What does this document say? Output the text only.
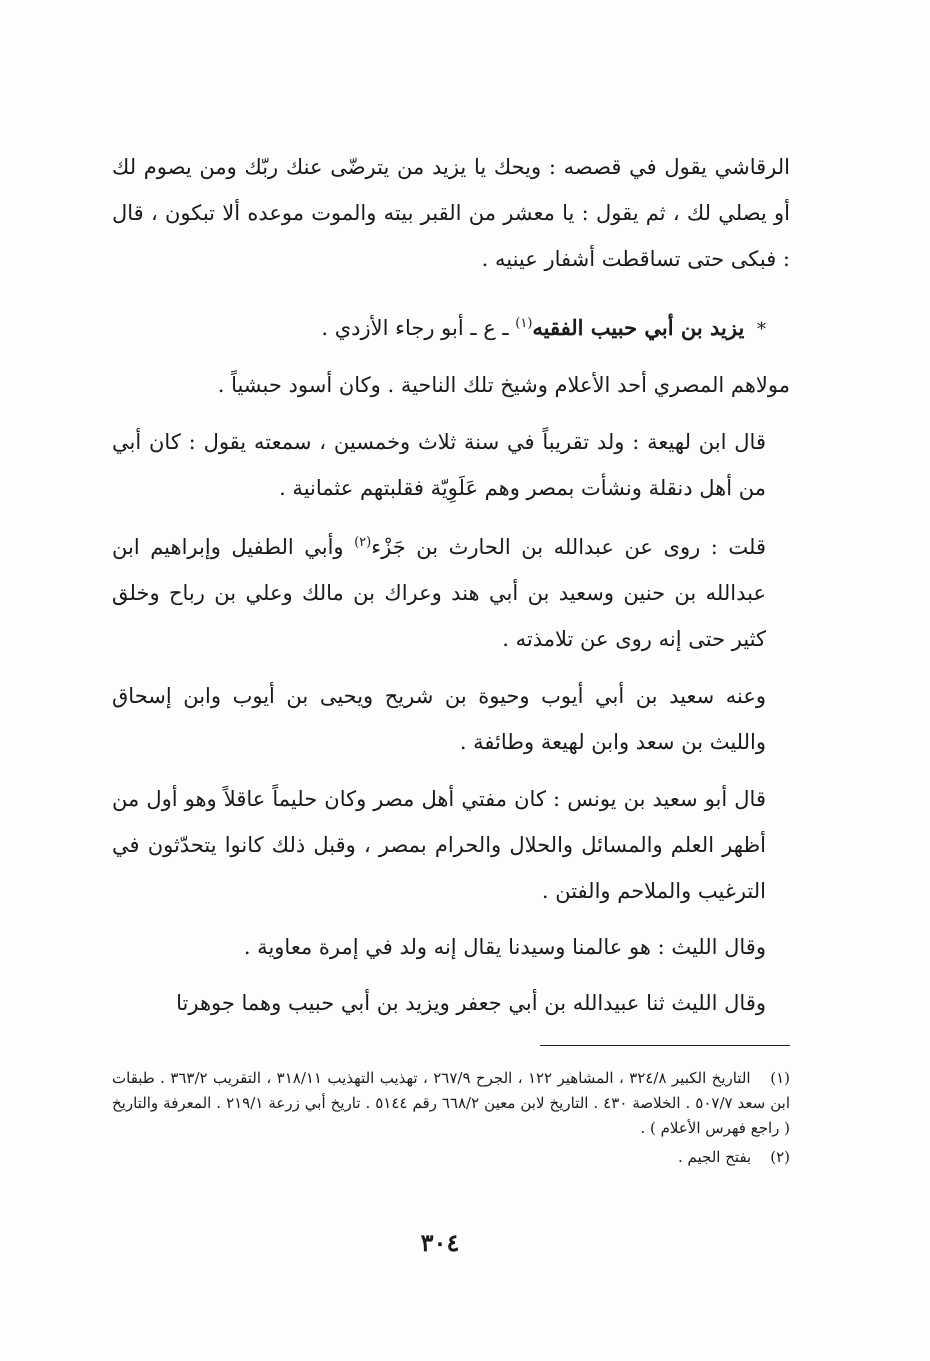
الرقاشي يقول في قصصه : ويحك يا يزيد من يترضّى عنك ربّك ومن يصوم لك أو يصلي لك ، ثم يقول : يا معشر من القبر بيته والموت موعده ألا تبكون ، قال : فبكى حتى تساقطت أشفار عينيه .

* يزيد بن أبي حبيب الفقيه$^{(١)}$ ـ ع ـ أبو رجاء الأزدي .

مولاهم المصري أحد الأعلام وشيخ تلك الناحية . وكان أسود حبشياً .

قال ابن لهيعة : ولد تقريباً في سنة ثلاث وخمسين ، سمعته يقول : كان أبي من أهل دنقلة ونشأت بمصر وهم عَلَوِيّة فقلبتهم عثمانية .

قلت : روى عن عبدالله بن الحارث بن جَزْء$^{(٢)}$ وأبي الطفيل وإبراهيم ابن عبدالله بن حنين وسعيد بن أبي هند وعراك بن مالك وعلي بن رباح وخلق كثير حتى إنه روى عن تلامذته .

وعنه سعيد بن أبي أيوب وحيوة بن شريح ويحيى بن أيوب وابن إسحاق والليث بن سعد وابن لهيعة وطائفة .

قال أبو سعيد بن يونس : كان مفتي أهل مصر وكان حليماً عاقلاً وهو أول من أظهر العلم والمسائل والحلال والحرام بمصر ، وقبل ذلك كانوا يتحدّثون في الترغيب والملاحم والفتن .

وقال الليث : هو عالمنا وسيدنا يقال إنه ولد في إمرة معاوية .

وقال الليث ثنا عبيدالله بن أبي جعفر ويزيد بن أبي حبيب وهما جوهرتا

(١) التاريخ الكبير ٣٢٤/٨ ، المشاهير ١٢٢ ، الجرح ٢٦٧/٩ ، تهذيب التهذيب ٣١٨/١١ ، التقريب ٣٦٣/٢ . طبقات ابن سعد ٥٠٧/٧ . الخلاصة ٤٣٠ . التاريخ لابن معين ٦٦٨/٢ رقم ٥١٤٤ . تاريخ أبي زرعة ٢١٩/١ . المعرفة والتاريخ ( راجع فهرس الأعلام ) .

(٢) بفتح الجيم .

٣٠٤
